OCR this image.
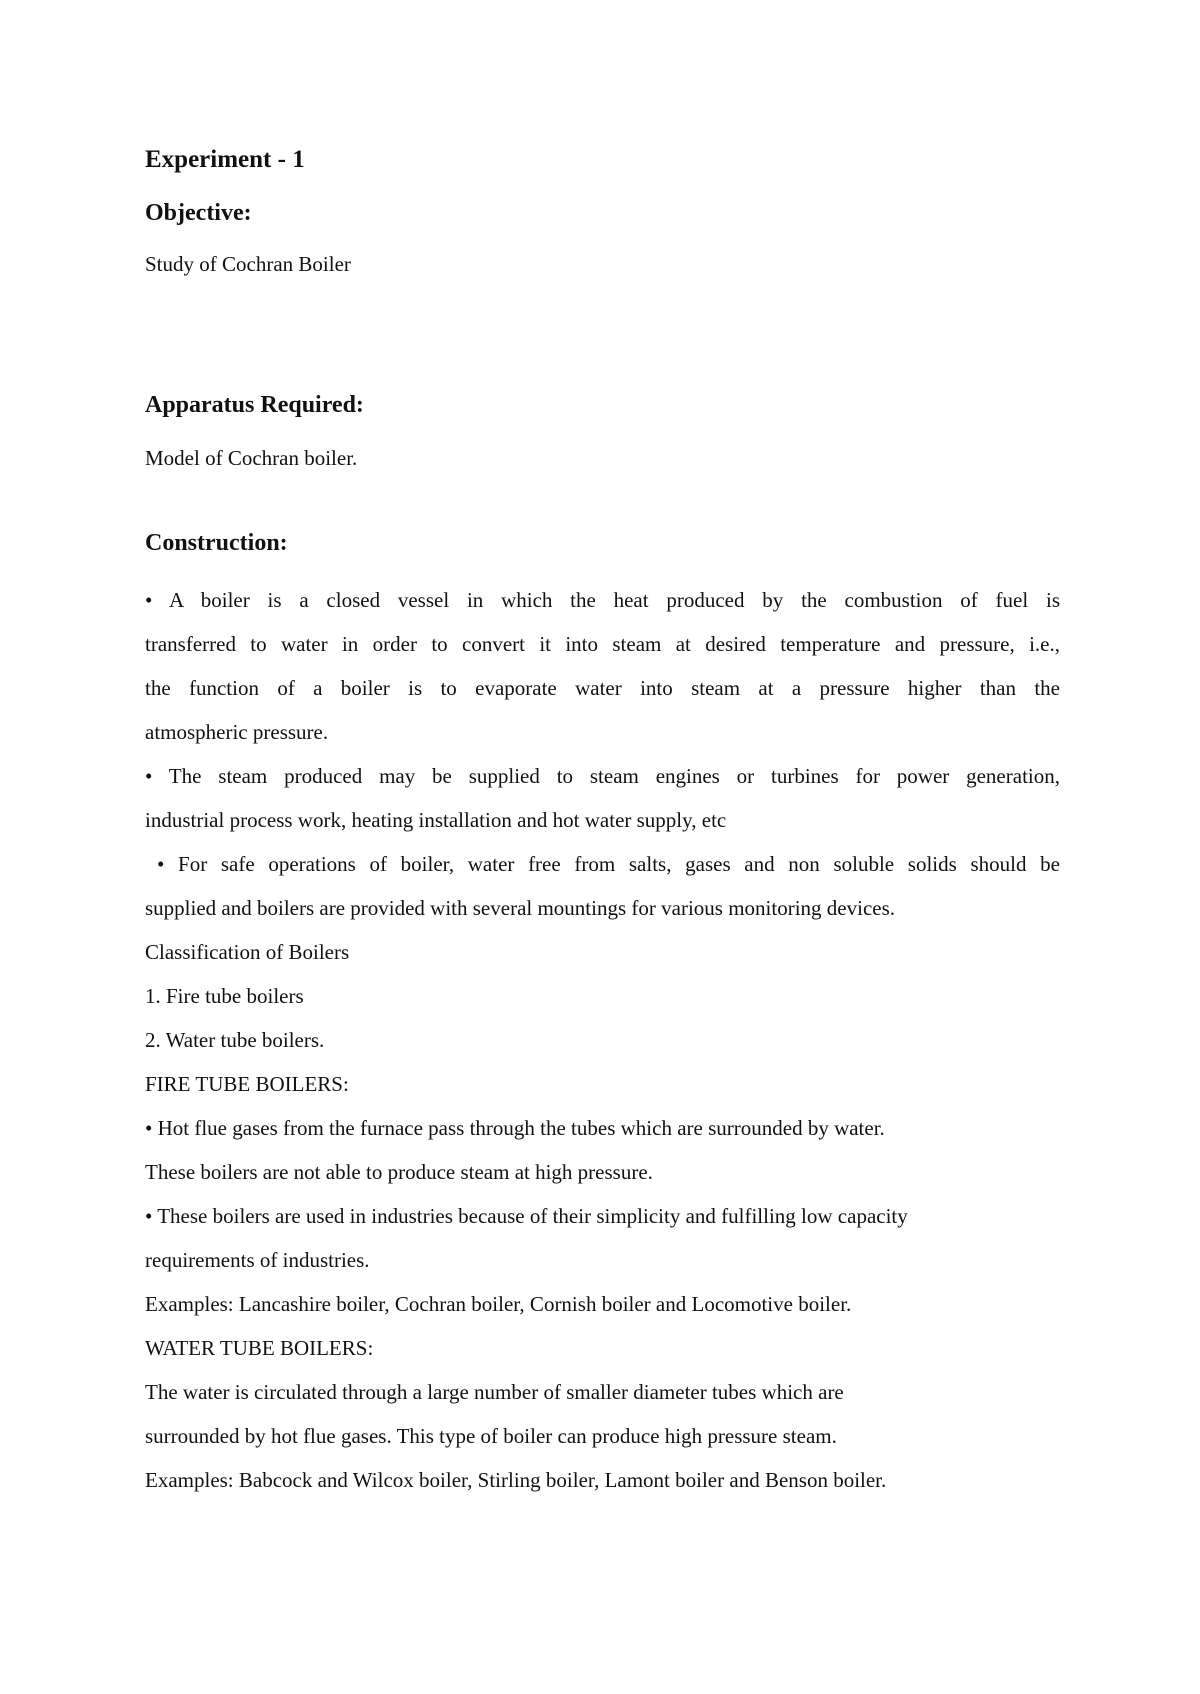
Experiment - 1
Objective:
Study of Cochran Boiler
Apparatus Required:
Model of Cochran boiler.
Construction:
• A boiler is a closed vessel in which the heat produced by the combustion of fuel is
transferred to water in order to convert it into steam at desired temperature and pressure, i.e.,
the function of a boiler is to evaporate water into steam at a pressure higher than the
atmospheric pressure.
• The steam produced may be supplied to steam engines or turbines for power generation,
industrial process work, heating installation and hot water supply, etc
• For safe operations of boiler, water free from salts, gases and non soluble solids should be
supplied and boilers are provided with several mountings for various monitoring devices.
Classification of Boilers
1. Fire tube boilers
2. Water tube boilers.
FIRE TUBE BOILERS:
• Hot flue gases from the furnace pass through the tubes which are surrounded by water.
These boilers are not able to produce steam at high pressure.
• These boilers are used in industries because of their simplicity and fulfilling low capacity
requirements of industries.
Examples: Lancashire boiler, Cochran boiler, Cornish boiler and Locomotive boiler.
WATER TUBE BOILERS:
The water is circulated through a large number of smaller diameter tubes which are
surrounded by hot flue gases. This type of boiler can produce high pressure steam.
Examples: Babcock and Wilcox boiler, Stirling boiler, Lamont boiler and Benson boiler.
